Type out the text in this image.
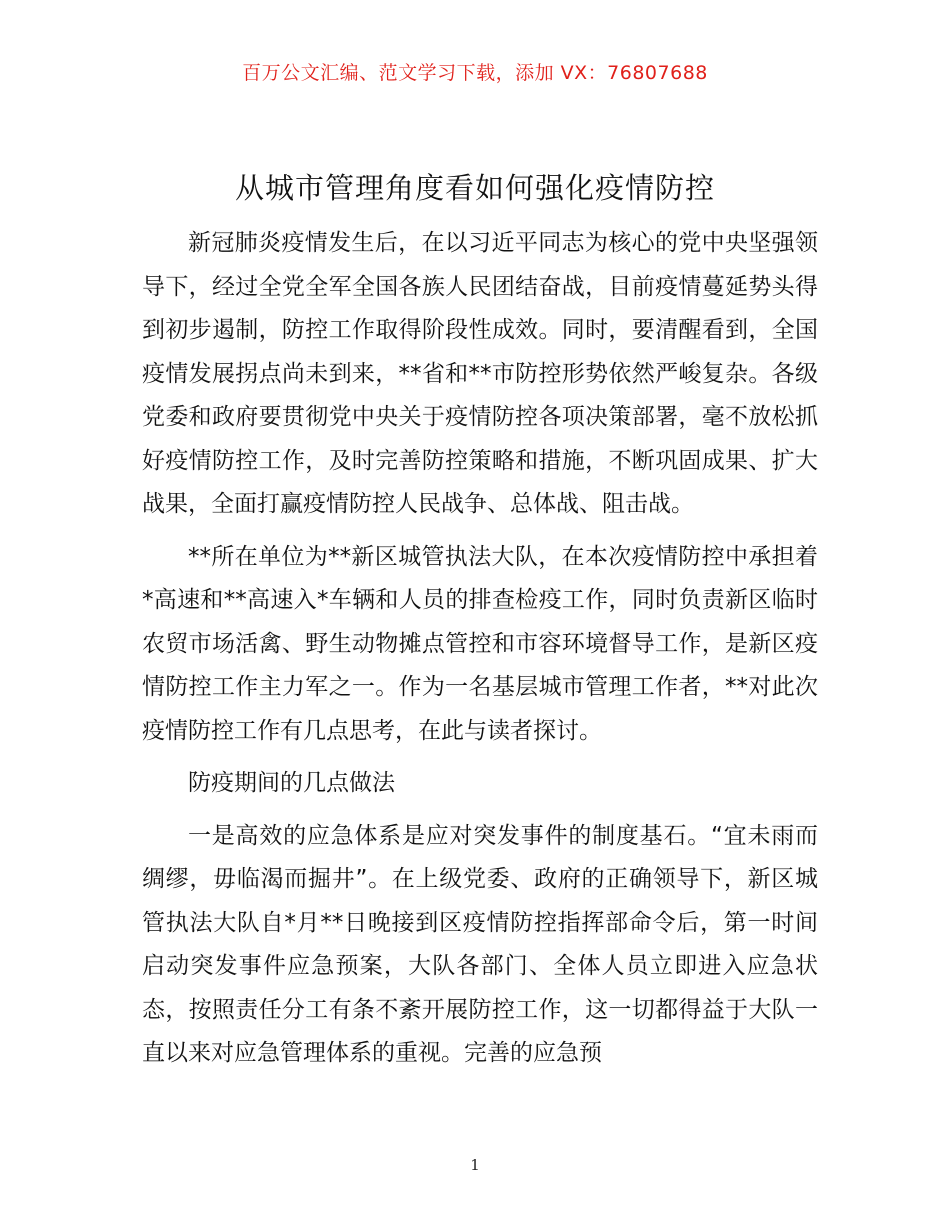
百万公文汇编、范文学习下载，添加 VX：76807688
从城市管理角度看如何强化疫情防控

新冠肺炎疫情发生后，在以习近平同志为核心的党中央坚强领导下，经过全党全军全国各族人民团结奋战，目前疫情蔓延势头得到初步遏制，防控工作取得阶段性成效。同时，要清醒看到，全国疫情发展拐点尚未到来，**省和**市防控形势依然严峻复杂。各级党委和政府要贯彻党中央关于疫情防控各项决策部署，毫不放松抓好疫情防控工作，及时完善防控策略和措施，不断巩固成果、扩大战果，全面打赢疫情防控人民战争、总体战、阻击战。

**所在单位为**新区城管执法大队，在本次疫情防控中承担着*高速和**高速入*车辆和人员的排查检疫工作，同时负责新区临时农贸市场活禽、野生动物摊点管控和市容环境督导工作，是新区疫情防控工作主力军之一。作为一名基层城市管理工作者，**对此次疫情防控工作有几点思考，在此与读者探讨。

防疫期间的几点做法

一是高效的应急体系是应对突发事件的制度基石。“宜未雨而绸缪，毋临渴而掘井”。在上级党委、政府的正确领导下，新区城管执法大队自*月**日晚接到区疫情防控指挥部命令后，第一时间启动突发事件应急预案，大队各部门、全体人员立即进入应急状态，按照责任分工有条不紊开展防控工作，这一切都得益于大队一直以来对应急管理体系的重视。完善的应急预

1
